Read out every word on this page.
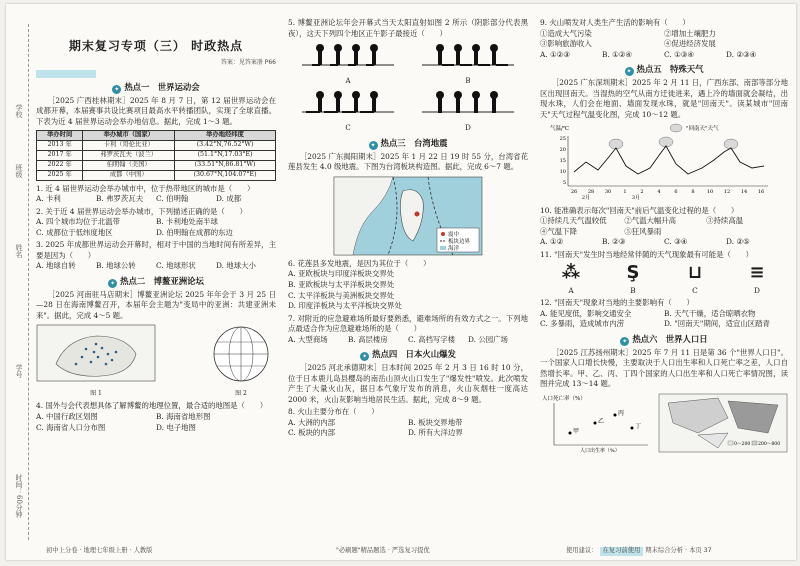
学校
班级
姓名
学号
时间：60分钟
期末复习专项（三） 时政热点
答案：见答案册 P66
✦ 热点一　世界运动会

［2025 广西桂林期末］2025 年 8 月 7 日，第 12 届世界运动会在成都开幕，本届赛事共设比赛项目最高水平转播团队，实现了全球直播。下表为近 4 届世界运动会举办地信息。据此，完成 1～3 题。

举办时间	举办城市（国家）	举办地经纬度
2013 年	卡利（哥伦比亚）	(3.42°N,76.52°W)
2017 年	弗罗茨瓦夫（波兰）	(51.1°N,17.03°E)
2022 年	伯明翰（美国）	(33.51°N,86.81°W)
2025 年	成都（中国）	(30.67°N,104.07°E)
1. 近 4 届世界运动会举办城市中，位于热带地区的城市是（　　）
A. 卡利	B. 弗罗茨瓦夫	C. 伯明翰	D. 成都
2. 关于近 4 届世界运动会举办城市，下列描述正确的是（　　）
A. 四个城市均位于北温带	B. 卡利地处南半球
C. 成都位于低纬度地区	D. 伯明翰在成都的东边
3. 2025 年成都世界运动会开幕时，相对于中国的当地时间有所差异，主要是因为（　　）
A. 地球自转	B. 地球公转	C. 地球形状	D. 地球大小
✦ 热点二　博鳌亚洲论坛

［2025 河南驻马店期末］博鳌亚洲论坛 2025 年年会于 3 月 25 日—28 日在海南博鳌召开，本届年会主题为"变局中的亚洲：共建亚洲未来"。据此，完成 4～5 题。

图 1	图 2
4. 国外与会代表想具体了解博鳌的地理位置，最合适的地图是（　　）
A. 中国行政区划图	B. 海南省地形图
C. 海南省人口分布图	D. 电子地图
5. 博鳌亚洲论坛年会开幕式当天太阳直射如图 2 所示（阴影部分代表黑夜），这天下列四个地区正午影子最接近（　　）
A	B
C	D
✦ 热点三　台湾地震

［2025 广东揭阳期末］2025 年 1 月 22 日 19 时 55 分，台湾省花莲县发生 4.0 级地震。下图为台湾板块构造图。据此，完成 6～7 题。

震中
板块边界
海洋
6. 花莲县多发地震，是因为其位于（　　）
A. 亚欧板块与印度洋板块交界处
B. 亚欧板块与太平洋板块交界处
C. 太平洋板块与美洲板块交界处
D. 印度洋板块与太平洋板块交界处
7. 对附近的应急避难场所最好要熟悉，避难场所的有效方式之一。下列地点最适合作为应急避难场所的是（　　）
A. 大型商场	B. 高层楼房	C. 高档写字楼	D. 公园广场
✦ 热点四　日本火山爆发

［2025 河北承德期末］日本时间 2025 年 2 月 3 日 16 时 10 分，位于日本鹿儿岛县樱岛的南岳山顶火山口发生了"爆发性"喷发。此次喷发产生了大量火山灰，据日本气象厅发布的消息，火山灰烟柱一度高达 2000 米，火山灰影响当地居民生活。据此，完成 8～9 题。

8. 火山主要分布在（　　）
A. 大洲的内部	B. 板块交界地带
C. 板块的内部	D. 所有大洋边界
9. 火山喷发对人类生产生活的影响有（　　）
①造成大气污染	②增加土壤肥力
③影响旅游收入	④促进经济发展
A. ①②③	B. ①②④	C. ①③④	D. ②③④
✦ 热点五　特殊天气

［2025 广东深圳期末］2025 年 2 月 11 日，广西东部、南部等部分地区出现回南天。当湿热的空气从南方迁徙进来，遇上冷的墙面就会凝结，出现水珠，人们会在地面、墙面发现水珠，就是"回南天"。读某城市"回南天"天气过程气温变化图，完成 10～12 题。

气温/℃	"回南天"天气
25
20
15
10
5
26 28 30 1	2	4	6	8 10 12 14 16
2月	3月
10. 能准确表示每次"回南天"前后气温变化过程的是（　　）
①持续几天气温较低	②气温大幅升高	③持续高温
④气温下降	⑤狂风暴雨
A. ①②	B. ②③	C. ③④	D. ②⑤
11. "回南天"发生时当地经常伴随的天气现象最有可能是（　　）
⁂
A
Ş
B
⊔
C
≡
D
12. "回南天"现象对当地的主要影响有（　　）
A. 能见度低，影响交通安全	B. 天气干燥，适合晾晒衣物
C. 多暴雨，造成城市内涝	D. "回南天"期间，适宜山区踏青
✦ 热点六　世界人口日

［2025 江苏扬州期末］2025 年 7 月 11 日是第 36 个"世界人口日"。一个国家人口增长快慢，主要取决于人口出生率和人口死亡率之差，人口自然增长率。甲、乙、丙、丁四个国家的人口出生率和人口死亡率情况图，读图并完成 13～14 题。

人口死亡率（%）
甲
乙
丙
丁
人口出生率（%）
0～200 200～800
初中上分卷 · 地理七年级上册 · 人教版	"必刷题"精品题选 · 严选复习提优	使用建议： 在复习前使用 期末综合分析 · 本页 37
